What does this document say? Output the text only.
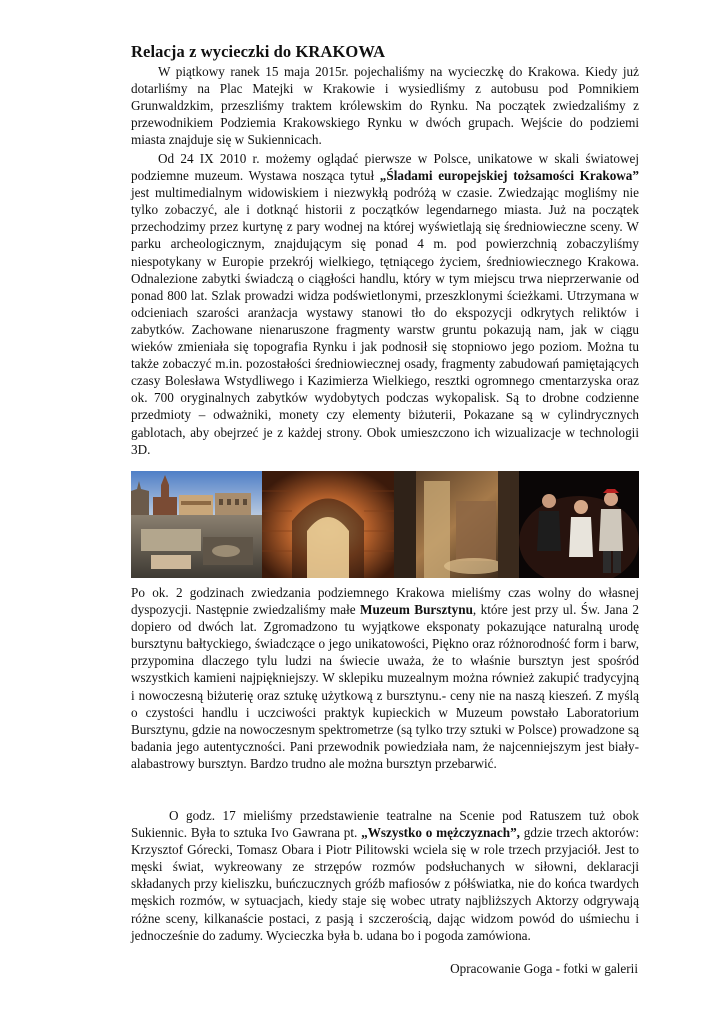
Relacja z wycieczki do KRAKOWA

W piątkowy ranek 15 maja 2015r. pojechaliśmy na wycieczkę do Krakowa. Kiedy już dotarliśmy na Plac Matejki w Krakowie i wysiedliśmy z autobusu pod Pomnikiem Grunwaldzkim, przeszliśmy traktem królewskim do Rynku. Na początek zwiedzaliśmy z przewodnikiem Podziemia Krakowskiego Rynku w dwóch grupach. Wejście do podziemi miasta znajduje się w Sukiennicach.

Od 24 IX 2010 r. możemy oglądać pierwsze w Polsce, unikatowe w skali światowej podziemne muzeum. Wystawa nosząca tytuł „Śladami europejskiej tożsamości Krakowa” jest multimedialnym widowiskiem i niezwykłą podróżą w czasie. Zwiedzając mogliśmy nie tylko zobaczyć, ale i dotknąć historii z początków legendarnego miasta. Już na początek przechodzimy przez kurtynę z pary wodnej na której wyświetlają się średniowieczne sceny. W parku archeologicznym, znajdującym się ponad 4 m. pod powierzchnią zobaczyliśmy niespotykany w Europie przekrój wielkiego, tętniącego życiem, średniowiecznego Krakowa. Odnalezione zabytki świadczą o ciągłości handlu, który w tym miejscu trwa nieprzerwanie od ponad 800 lat. Szlak prowadzi widza podświetlonymi, przeszklonymi ścieżkami. Utrzymana w odcieniach szarości aranżacja wystawy stanowi tło do ekspozycji odkrytych reliktów i zabytków. Zachowane nienaruszone fragmenty warstw gruntu pokazują nam, jak w ciągu wieków zmieniała się topografia Rynku i jak podnosił się stopniowo jego poziom. Można tu także zobaczyć m.in. pozostałości średniowiecznej osady, fragmenty zabudowań pamiętających czasy Bolesława Wstydliwego i Kazimierza Wielkiego, resztki ogromnego cmentarzyska oraz ok. 700 oryginalnych zabytków wydobytych podczas wykopalisk. Są to drobne codzienne przedmioty – odważniki, monety czy elementy biżuterii, Pokazane są w cylindrycznych gablotach, aby obejrzeć je z każdej strony. Obok umieszczono ich wizualizacje w technologii 3D.

Po ok. 2 godzinach zwiedzania podziemnego Krakowa mieliśmy czas wolny do własnej dyspozycji. Następnie zwiedzaliśmy małe Muzeum Bursztynu, które jest przy ul. Św. Jana 2 dopiero od dwóch lat. Zgromadzono tu wyjątkowe eksponaty pokazujące naturalną urodę bursztynu bałtyckiego, świadczące o jego unikatowości, Piękno oraz różnorodność form i barw, przypomina dlaczego tylu ludzi na świecie uważa, że to właśnie bursztyn jest spośród wszystkich kamieni najpiękniejszy. W sklepiku muzealnym można również zakupić tradycyjną i nowoczesną biżuterię oraz sztukę użytkową z bursztynu.- ceny nie na naszą kieszeń. Z myślą o czystości handlu i uczciwości praktyk kupieckich w Muzeum powstało Laboratorium Bursztynu, gdzie na nowoczesnym spektrometrze (są tylko trzy sztuki w Polsce) prowadzone są badania jego autentyczności. Pani przewodnik powiedziała nam, że najcenniejszym jest biały- alabastrowy bursztyn. Bardzo trudno ale można bursztyn przebarwić.

O godz. 17 mieliśmy przedstawienie teatralne na Scenie pod Ratuszem tuż obok Sukiennic. Była to sztuka Ivo Gawrana pt. „Wszystko o mężczyznach”, gdzie trzech aktorów: Krzysztof Górecki, Tomasz Obara i Piotr Pilitowski wciela się w role trzech przyjaciół. Jest to męski świat, wykreowany ze strzępów rozmów podsłuchanych w siłowni, deklaracji składanych przy kieliszku, buńczucznych gróźb mafiosów z półświatka, nie do końca twardych męskich rozmów, w sytuacjach, kiedy staje się wobec utraty najbliższych Aktorzy odgrywają różne sceny, kilkanaście postaci, z pasją i szczerością, dając widzom powód do uśmiechu i jednocześnie do zadumy. Wycieczka była b. udana bo i pogoda zamówiona.

Opracowanie Goga - fotki w galerii
